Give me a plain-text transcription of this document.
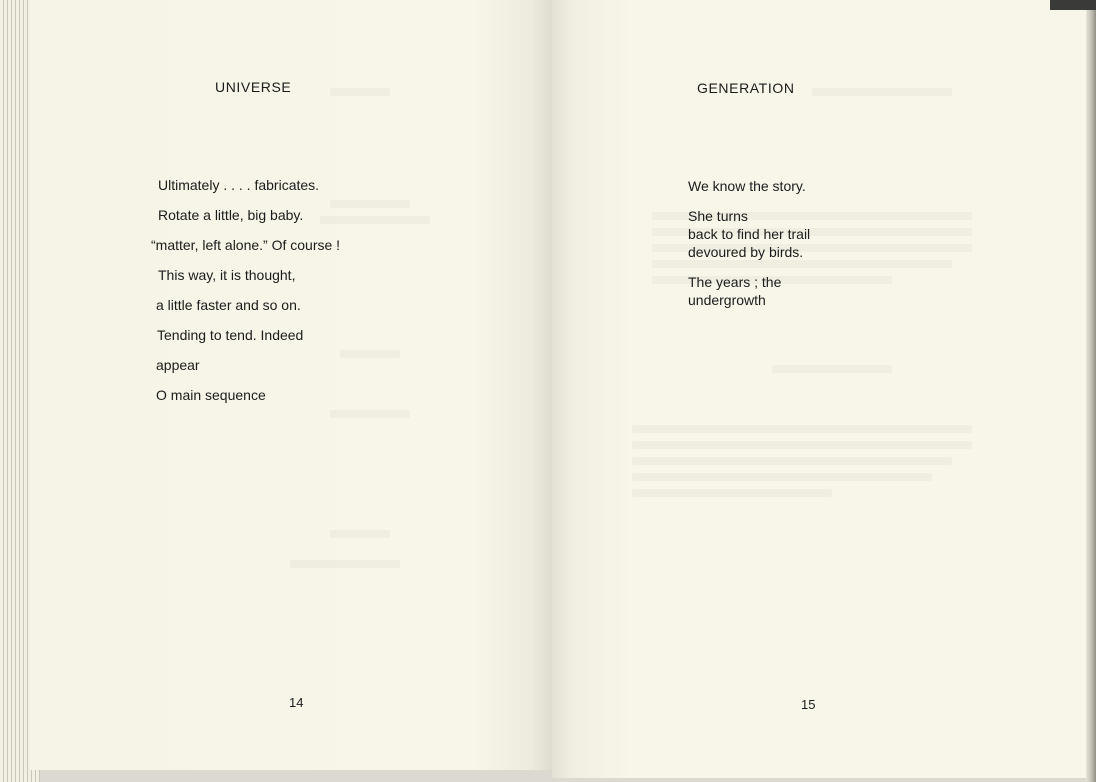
UNIVERSE

Ultimately . . . . fabricates.

Rotate a little, big baby.

“matter, left alone.” Of course !

This way, it is thought,

a little faster and so on.

Tending to tend. Indeed

appear

O main sequence

14

GENERATION

We know the story.

She turns

back to find her trail

devoured by birds.

The years ; the

undergrowth

15
